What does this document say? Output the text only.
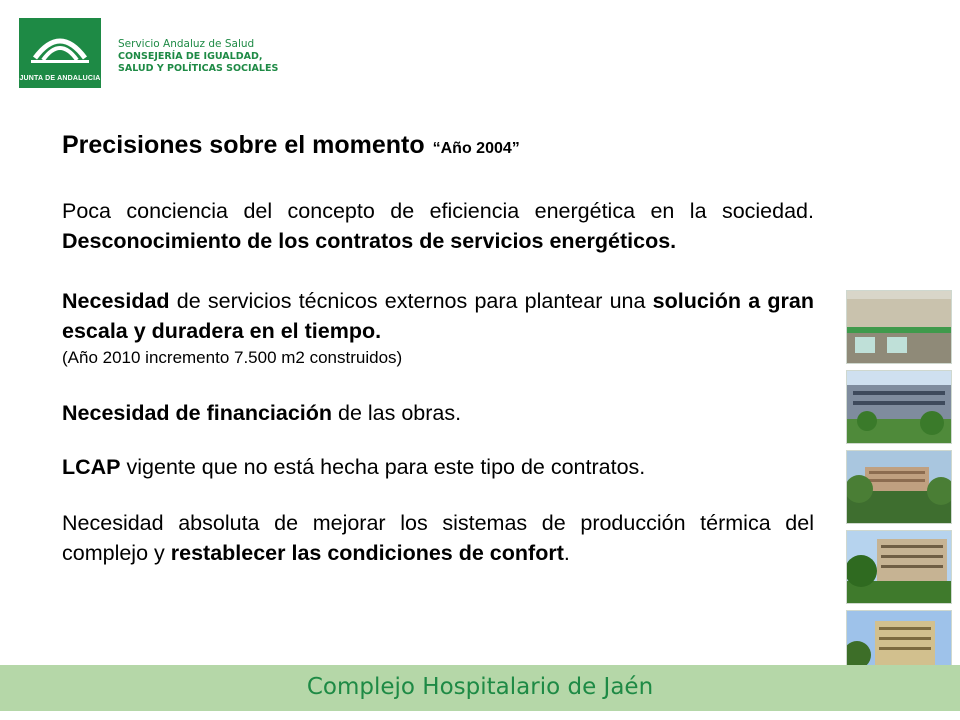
JUNTA DE ANDALUCIA
Servicio Andaluz de Salud
CONSEJERÍA DE IGUALDAD,
SALUD Y POLÍTICAS SOCIALES
Precisiones sobre el momento “Año 2004”

Poca conciencia del concepto de eficiencia energética en la sociedad. Desconocimiento de los contratos de servicios energéticos.

Necesidad de servicios técnicos externos para plantear una solución a gran escala y duradera en el tiempo.

(Año 2010 incremento 7.500 m2 construidos)

Necesidad de financiación de las obras.

LCAP vigente que no está hecha para este tipo de contratos.

Necesidad absoluta de mejorar los sistemas de producción térmica del complejo y restablecer las condiciones de confort.

Complejo Hospitalario de Jaén
